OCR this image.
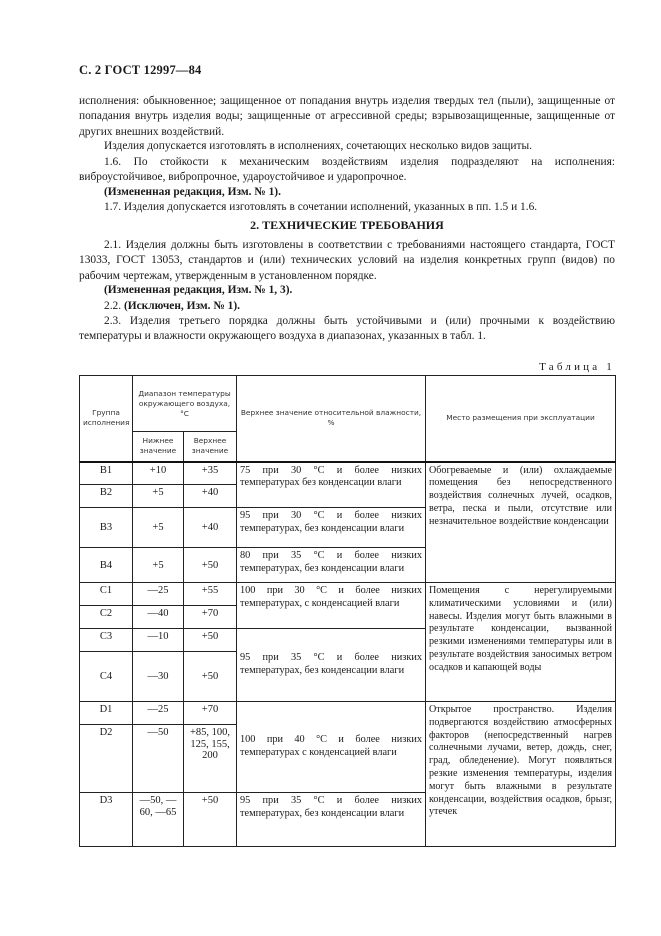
С. 2 ГОСТ 12997—84
исполнения: обыкновенное; защищенное от попадания внутрь изделия твердых тел (пыли), защищенные от попадания внутрь изделия воды; защищенные от агрессивной среды; взрывозащищенные, защищенные от других внешних воздействий.
Изделия допускается изготовлять в исполнениях, сочетающих несколько видов защиты.
1.6. По стойкости к механическим воздействиям изделия подразделяют на исполнения: виброустойчивое, вибропрочное, удароустойчивое и ударопрочное.
(Измененная редакция, Изм. № 1).
1.7. Изделия допускается изготовлять в сочетании исполнений, указанных в пп. 1.5 и 1.6.
2. ТЕХНИЧЕСКИЕ ТРЕБОВАНИЯ
2.1. Изделия должны быть изготовлены в соответствии с требованиями настоящего стандарта, ГОСТ 13033, ГОСТ 13053, стандартов и (или) технических условий на изделия конкретных групп (видов) по рабочим чертежам, утвержденным в установленном порядке.
(Измененная редакция, Изм. № 1, 3).
2.2. (Исключен, Изм. № 1).
2.3. Изделия третьего порядка должны быть устойчивыми и (или) прочными к воздействию температуры и влажности окружающего воздуха в диапазонах, указанных в табл. 1.
Таблица 1
Группа исполнения	Диапазон температуры окружающего воздуха, °С		Верхнее значение относительной влажности, %	Место размещения при эксплуатации
	Нижнее значение	Верхнее значение		
В1	+10	+35	75 при 30 °С и более низких температурах без конденсации влаги	Обогреваемые и (или) охлаждаемые помещения без непосредственного воздействия солнечных лучей, осадков, ветра, песка и пыли, отсутствие или незначительное воздействие конденсации
В2	+5	+40		
В3	+5	+40	95 при 30 °С и более низких температурах, без конденсации влаги	
В4	+5	+50	80 при 35 °С и более низких температурах, без конденсации влаги	
С1	—25	+55	100 при 30 °С и более низких температурах, с конденсацией влаги	Помещения с нерегулируемыми климатическими условиями и (или) навесы. Изделия могут быть влажными в результате конденсации, вызванной резкими изменениями температуры или в результате воздействия заносимых ветром осадков и капающей воды
С2	—40	+70		
С3	—10	+50	95 при 35 °С и более низких температурах, без конденсации влаги	
С4	—30	+50		
D1	—25	+70	100 при 40 °С и более низких температурах с конденсацией влаги	Открытое пространство. Изделия подвергаются воздействию атмосферных факторов (непосредственный нагрев солнечными лучами, ветер, дождь, снег, град, обледенение). Могут появляться резкие изменения температуры, изделия могут быть влажными в результате конденсации, воздействия осадков, брызг, утечек
D2	—50	+85, 100, 125, 155, 200		
D3	—50, —60, —65	+50	95 при 35 °С и более низких температурах, без конденсации влаги	
